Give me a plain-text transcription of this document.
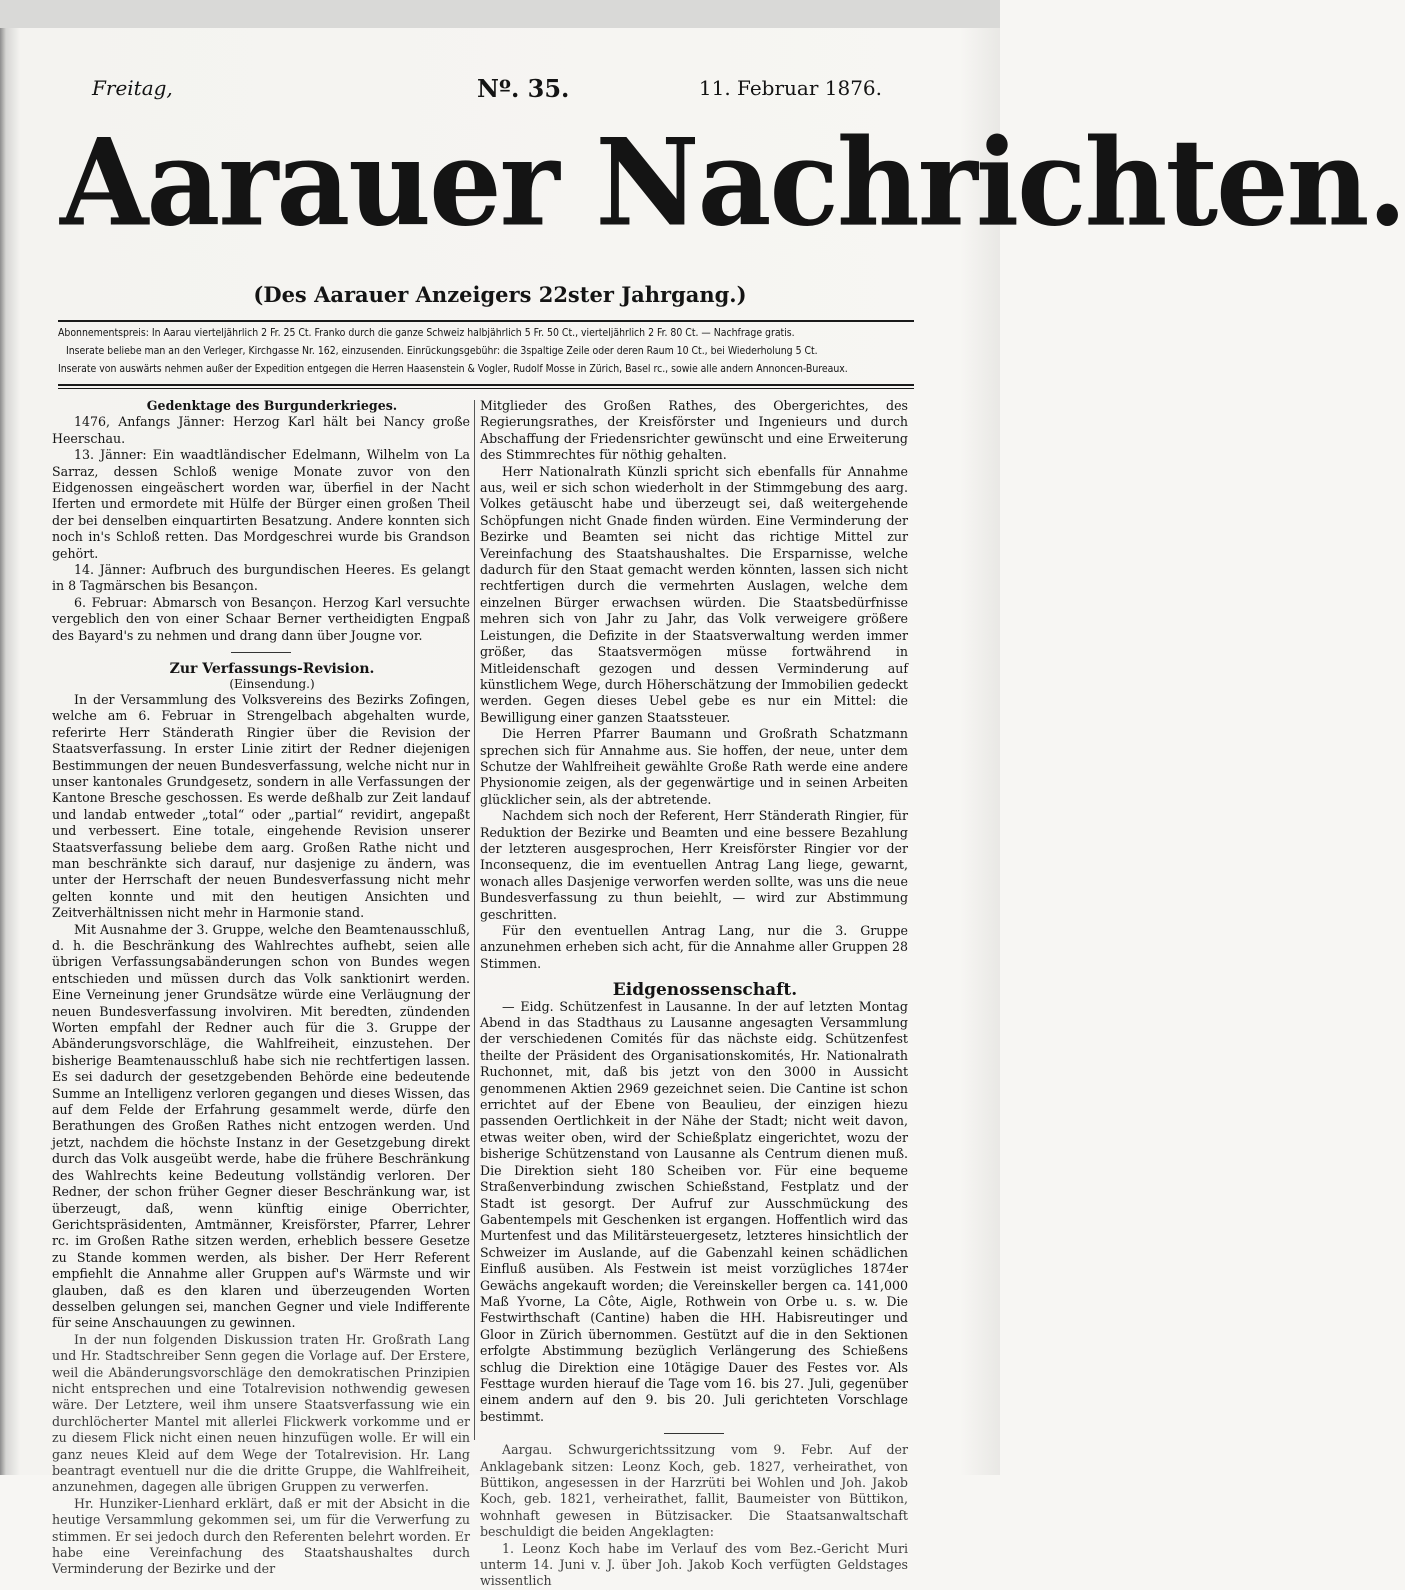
Freitag,	Nº. 35.	11. Februar 1876.
Aarauer Nachrichten.
(Des Aarauer Anzeigers 22ster Jahrgang.)
Abonnementspreis: In Aarau vierteljährlich 2 Fr. 25 Ct. Franko durch die ganze Schweiz halbjährlich 5 Fr. 50 Ct., vierteljährlich 2 Fr. 80 Ct. — Nachfrage gratis.
Inserate beliebe man an den Verleger, Kirchgasse Nr. 162, einzusenden. Einrückungsgebühr: die 3spaltige Zeile oder deren Raum 10 Ct., bei Wiederholung 5 Ct.
Inserate von auswärts nehmen außer der Expedition entgegen die Herren Haasenstein & Vogler, Rudolf Mosse in Zürich, Basel rc., sowie alle andern Annoncen-Bureaux.

Gedenktage des Burgunderkrieges.

1476, Anfangs Jänner: Herzog Karl hält bei Nancy große Heerschau.

13. Jänner: Ein waadtländischer Edelmann, Wilhelm von La Sarraz, dessen Schloß wenige Monate zuvor von den Eidgenossen eingeäschert worden war, überfiel in der Nacht Iferten und ermordete mit Hülfe der Bürger einen großen Theil der bei denselben einquartirten Besatzung. Andere konnten sich noch in's Schloß retten. Das Mordgeschrei wurde bis Grandson gehört.

14. Jänner: Aufbruch des burgundischen Heeres. Es gelangt in 8 Tagmärschen bis Besançon.

6. Februar: Abmarsch von Besançon. Herzog Karl versuchte vergeblich den von einer Schaar Berner vertheidigten Engpaß des Bayard's zu nehmen und drang dann über Jougne vor.

Zur Verfassungs-Revision.

(Einsendung.)

In der Versammlung des Volksvereins des Bezirks Zofingen, welche am 6. Februar in Strengelbach abgehalten wurde, referirte Herr Ständerath Ringier über die Revision der Staatsverfassung. In erster Linie zitirt der Redner diejenigen Bestimmungen der neuen Bundesverfassung, welche nicht nur in unser kantonales Grundgesetz, sondern in alle Verfassungen der Kantone Bresche geschossen. Es werde deßhalb zur Zeit landauf und landab entweder „total“ oder „partial“ revidirt, angepaßt und verbessert. Eine totale, eingehende Revision unserer Staatsverfassung beliebe dem aarg. Großen Rathe nicht und man beschränkte sich darauf, nur dasjenige zu ändern, was unter der Herrschaft der neuen Bundesverfassung nicht mehr gelten konnte und mit den heutigen Ansichten und Zeitverhältnissen nicht mehr in Harmonie stand.

Mit Ausnahme der 3. Gruppe, welche den Beamtenausschluß, d. h. die Beschränkung des Wahlrechtes aufhebt, seien alle übrigen Verfassungsabänderungen schon von Bundes wegen entschieden und müssen durch das Volk sanktionirt werden. Eine Verneinung jener Grundsätze würde eine Verläugnung der neuen Bundesverfassung involviren. Mit beredten, zündenden Worten empfahl der Redner auch für die 3. Gruppe der Abänderungsvorschläge, die Wahlfreiheit, einzustehen. Der bisherige Beamtenausschluß habe sich nie rechtfertigen lassen. Es sei dadurch der gesetzgebenden Behörde eine bedeutende Summe an Intelligenz verloren gegangen und dieses Wissen, das auf dem Felde der Erfahrung gesammelt werde, dürfe den Berathungen des Großen Rathes nicht entzogen werden. Und jetzt, nachdem die höchste Instanz in der Gesetzgebung direkt durch das Volk ausgeübt werde, habe die frühere Beschränkung des Wahlrechts keine Bedeutung vollständig verloren. Der Redner, der schon früher Gegner dieser Beschränkung war, ist überzeugt, daß, wenn künftig einige Oberrichter, Gerichtspräsidenten, Amtmänner, Kreisförster, Pfarrer, Lehrer rc. im Großen Rathe sitzen werden, erheblich bessere Gesetze zu Stande kommen werden, als bisher. Der Herr Referent empfiehlt die Annahme aller Gruppen auf's Wärmste und wir glauben, daß es den klaren und überzeugenden Worten desselben gelungen sei, manchen Gegner und viele Indifferente für seine Anschauungen zu gewinnen.

In der nun folgenden Diskussion traten Hr. Großrath Lang und Hr. Stadtschreiber Senn gegen die Vorlage auf. Der Erstere, weil die Abänderungsvorschläge den demokratischen Prinzipien nicht entsprechen und eine Totalrevision nothwendig gewesen wäre. Der Letztere, weil ihm unsere Staatsverfassung wie ein durchlöcherter Mantel mit allerlei Flickwerk vorkomme und er zu diesem Flick nicht einen neuen hinzufügen wolle. Er will ein ganz neues Kleid auf dem Wege der Totalrevision. Hr. Lang beantragt eventuell nur die die dritte Gruppe, die Wahlfreiheit, anzunehmen, dagegen alle übrigen Gruppen zu verwerfen.

Hr. Hunziker-Lienhard erklärt, daß er mit der Absicht in die heutige Versammlung gekommen sei, um für die Verwerfung zu stimmen. Er sei jedoch durch den Referenten belehrt worden. Er habe eine Vereinfachung des Staatshaushaltes durch Verminderung der Bezirke und der

Mitglieder des Großen Rathes, des Obergerichtes, des Regierungsrathes, der Kreisförster und Ingenieurs und durch Abschaffung der Friedensrichter gewünscht und eine Erweiterung des Stimmrechtes für nöthig gehalten.

Herr Nationalrath Künzli spricht sich ebenfalls für Annahme aus, weil er sich schon wiederholt in der Stimmgebung des aarg. Volkes getäuscht habe und überzeugt sei, daß weitergehende Schöpfungen nicht Gnade finden würden. Eine Verminderung der Bezirke und Beamten sei nicht das richtige Mittel zur Vereinfachung des Staatshaushaltes. Die Ersparnisse, welche dadurch für den Staat gemacht werden könnten, lassen sich nicht rechtfertigen durch die vermehrten Auslagen, welche dem einzelnen Bürger erwachsen würden. Die Staatsbedürfnisse mehren sich von Jahr zu Jahr, das Volk verweigere größere Leistungen, die Defizite in der Staatsverwaltung werden immer größer, das Staatsvermögen müsse fortwährend in Mitleidenschaft gezogen und dessen Verminderung auf künstlichem Wege, durch Höherschätzung der Immobilien gedeckt werden. Gegen dieses Uebel gebe es nur ein Mittel: die Bewilligung einer ganzen Staatssteuer.

Die Herren Pfarrer Baumann und Großrath Schatzmann sprechen sich für Annahme aus. Sie hoffen, der neue, unter dem Schutze der Wahlfreiheit gewählte Große Rath werde eine andere Physionomie zeigen, als der gegenwärtige und in seinen Arbeiten glücklicher sein, als der abtretende.

Nachdem sich noch der Referent, Herr Ständerath Ringier, für Reduktion der Bezirke und Beamten und eine bessere Bezahlung der letzteren ausgesprochen, Herr Kreisförster Ringier vor der Inconsequenz, die im eventuellen Antrag Lang liege, gewarnt, wonach alles Dasjenige verworfen werden sollte, was uns die neue Bundesverfassung zu thun beiehlt, — wird zur Abstimmung geschritten.

Für den eventuellen Antrag Lang, nur die 3. Gruppe anzunehmen erheben sich acht, für die Annahme aller Gruppen 28 Stimmen.

Eidgenossenschaft.

— Eidg. Schützenfest in Lausanne. In der auf letzten Montag Abend in das Stadthaus zu Lausanne angesagten Versammlung der verschiedenen Comités für das nächste eidg. Schützenfest theilte der Präsident des Organisationskomités, Hr. Nationalrath Ruchonnet, mit, daß bis jetzt von den 3000 in Aussicht genommenen Aktien 2969 gezeichnet seien. Die Cantine ist schon errichtet auf der Ebene von Beaulieu, der einzigen hiezu passenden Oertlichkeit in der Nähe der Stadt; nicht weit davon, etwas weiter oben, wird der Schießplatz eingerichtet, wozu der bisherige Schützenstand von Lausanne als Centrum dienen muß. Die Direktion sieht 180 Scheiben vor. Für eine bequeme Straßenverbindung zwischen Schießstand, Festplatz und der Stadt ist gesorgt. Der Aufruf zur Ausschmückung des Gabentempels mit Geschenken ist ergangen. Hoffentlich wird das Murtenfest und das Militärsteuergesetz, letzteres hinsichtlich der Schweizer im Auslande, auf die Gabenzahl keinen schädlichen Einfluß ausüben. Als Festwein ist meist vorzügliches 1874er Gewächs angekauft worden; die Vereinskeller bergen ca. 141,000 Maß Yvorne, La Côte, Aigle, Rothwein von Orbe u. s. w. Die Festwirthschaft (Cantine) haben die HH. Habisreutinger und Gloor in Zürich übernommen. Gestützt auf die in den Sektionen erfolgte Abstimmung bezüglich Verlängerung des Schießens schlug die Direktion eine 10tägige Dauer des Festes vor. Als Festtage wurden hierauf die Tage vom 16. bis 27. Juli, gegenüber einem andern auf den 9. bis 20. Juli gerichteten Vorschlage bestimmt.

Aargau. Schwurgerichtssitzung vom 9. Febr. Auf der Anklagebank sitzen: Leonz Koch, geb. 1827, verheirathet, von Büttikon, angesessen in der Harzrüti bei Wohlen und Joh. Jakob Koch, geb. 1821, verheirathet, fallit, Baumeister von Büttikon, wohnhaft gewesen in Bützisacker. Die Staatsanwaltschaft beschuldigt die beiden Angeklagten:

1. Leonz Koch habe im Verlauf des vom Bez.-Gericht Muri unterm 14. Juni v. J. über Joh. Jakob Koch verfügten Geldstages wissentlich
